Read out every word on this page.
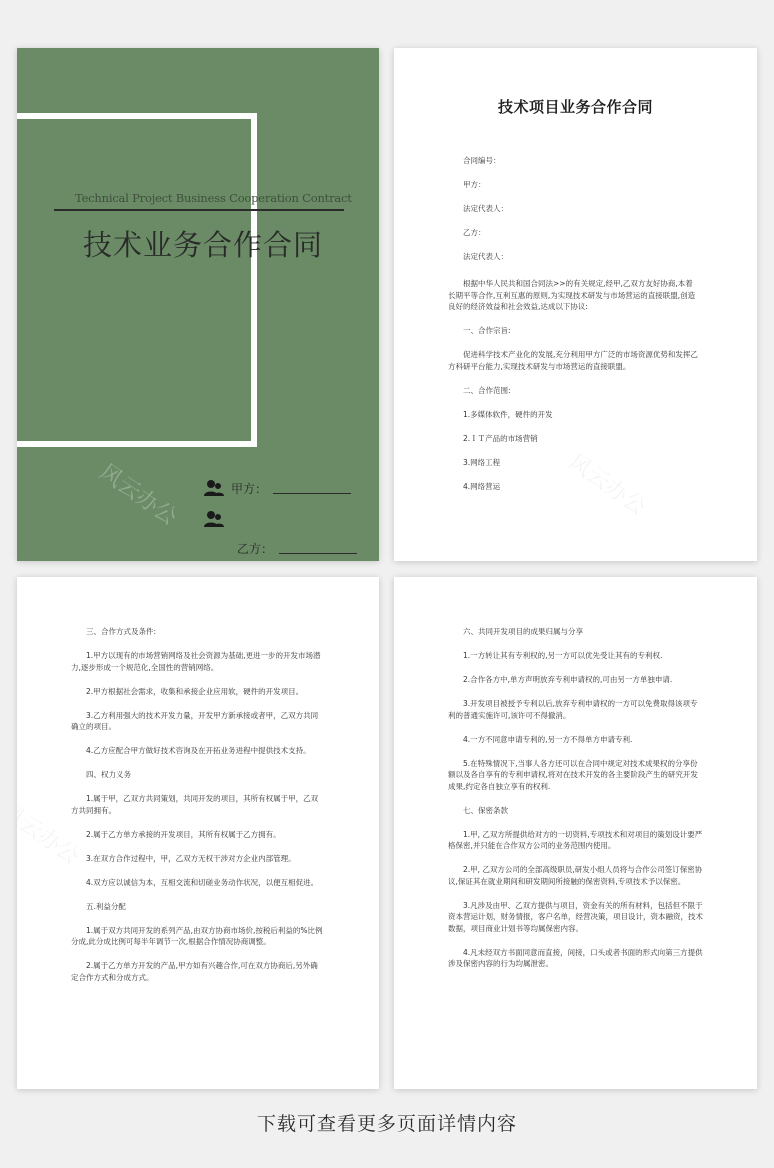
Technical Project Business Cooperation Contract
技术业务合作合同
甲方：
乙方：
风云办公
技术项目业务合作合同

合同编号：

甲方：

法定代表人：

乙方：

法定代表人：

根据中华人民共和国合同法>>的有关规定,经甲,乙双方友好协商,本着长期平等合作,互利互惠的原则,为实现技术研发与市场营运的直接联盟,创造良好的经济效益和社会效益,达成以下协议:

一、合作宗旨:

促进科学技术产业化的发展,充分利用甲方广泛的市场资源优势和发挥乙方科研平台能力,实现技术研发与市场营运的直接联盟。

二、合作范围:

1.多媒体软件，硬件的开发

2.ＩＴ产品的市场营销

3.网络工程

4.网络营运

三、合作方式及条件:

1.甲方以现有的市场营销网络及社会资源为基础,更进一步的开发市场潜力,逐步形成一个规范化,全国性的营销网络。

2.甲方根据社会需求，收集和承接企业应用软，硬件的开发项目。

3.乙方利用强大的技术开发力量，开发甲方新承接或者甲，乙双方共同确立的项目。

4.乙方应配合甲方做好技术咨询及在开拓业务进程中提供技术支持。

四、权力义务

1.属于甲，乙双方共同策划，共同开发的项目，其所有权属于甲，乙双方共同拥有。

2.属于乙方单方承接的开发项目，其所有权属于乙方拥有。

3.在双方合作过程中，甲，乙双方无权干涉对方企业内部管理。

4.双方应以诚信为本，互相交流和切磋业务动作状况，以便互相促进。

五.利益分配

1.属于双方共同开发的系列产品,由双方协商市场价,按税后利益的%比例分成,此分成比例可每半年调节一次,根据合作情况协商调整。

2.属于乙方单方开发的产品,甲方如有兴趣合作,可在双方协商后,另外确定合作方式和分成方式。

六、共同开发项目的成果归属与分享

1.一方转让其有专利权的,另一方可以优先受让其有的专利权.

2.合作各方中,单方声明放弃专利申请权的,可由另一方单独申请.

3.开发项目被授予专利以后,放弃专利申请权的一方可以免费取得该项专利的普通实施许可,该许可不得撤消。

4.一方不同意申请专利的,另一方不得单方申请专利.

5.在特殊情况下,当事人各方还可以在合同中规定对技术成果权的分享份额以及各自享有的专利申请权,将对在技术开发的各主要阶段产生的研究开发成果,约定各自独立享有的权利.

七、保密条款

1.甲, 乙双方所提供给对方的一切资料,专项技术和对项目的策划设计要严格保密,并只能在合作双方公司的业务范围内使用。

2.甲, 乙双方公司的全部高级职员,研发小组人员将与合作公司签订保密协议,保证其在就业期间和研发期间所接触的保密资料,专项技术予以保密。

3.凡涉及由甲、乙双方提供与项目，资金有关的所有材料，包括但不限于资本营运计划，财务情报，客户名单，经营决策，项目设计，资本融资，技术数据，项目商业计划书等均属保密内容。

4.凡未经双方书面同意而直接，间接，口头或者书面的形式向第三方提供涉及保密内容的行为均属泄密。

下载可查看更多页面详情内容
